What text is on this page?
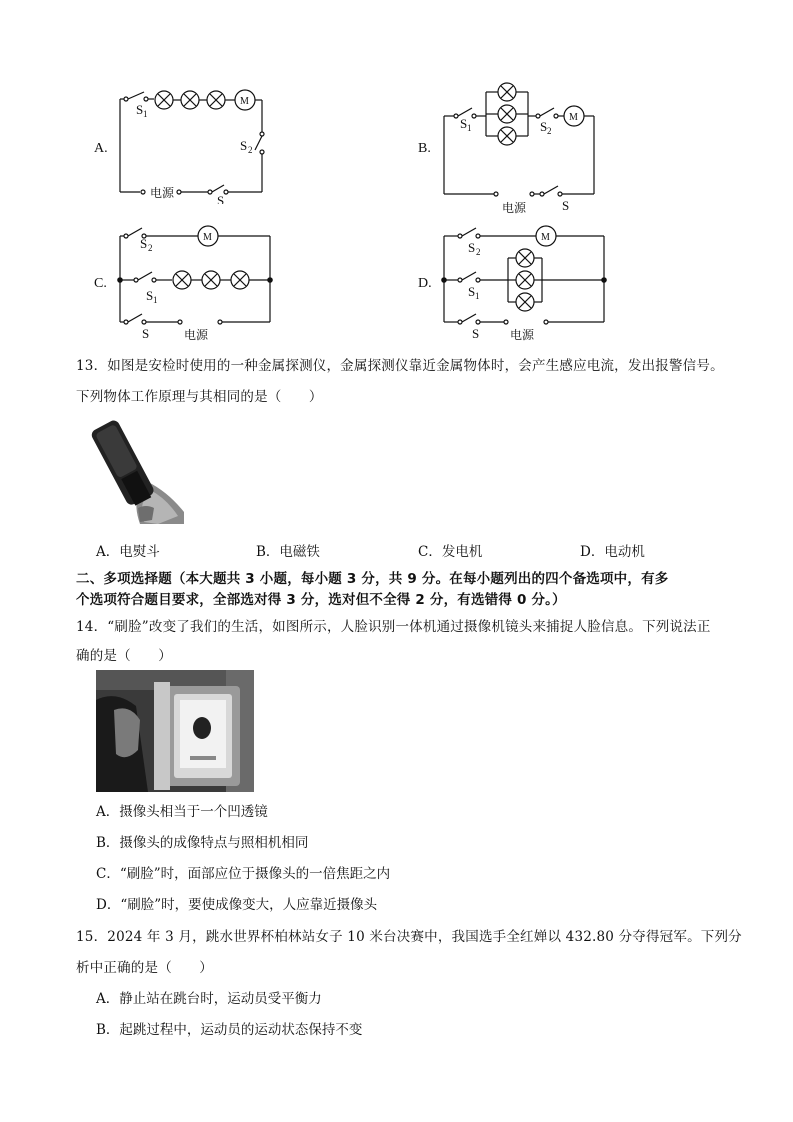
A.
S 1
S 2
电源	S
M
B.
S 1	S 2
M
电源	S
C.
S 2
M
S 1
S	电源
D.
S 2
M
S 1
S	电源
13．如图是安检时使用的一种金属探测仪，金属探测仪靠近金属物体时，会产生感应电流，发出报警信号。
下列物体工作原理与其相同的是（　　）
A．电熨斗	B．电磁铁	C．发电机	D．电动机
二、多项选择题（本大题共 3 小题，每小题 3 分，共 9 分。在每小题列出的四个备选项中，有多
个选项符合题目要求，全部选对得 3 分，选对但不全得 2 分，有选错得 0 分。）
14．“刷脸”改变了我们的生活，如图所示，人脸识别一体机通过摄像机镜头来捕捉人脸信息。下列说法正
确的是（　　）
A．摄像头相当于一个凹透镜
B．摄像头的成像特点与照相机相同
C．“刷脸”时，面部应位于摄像头的一倍焦距之内
D．“刷脸”时，要使成像变大，人应靠近摄像头
15．2024 年 3 月，跳水世界杯柏林站女子 10 米台决赛中，我国选手全红婵以 432.80 分夺得冠军。下列分
析中正确的是（　　）
A．静止站在跳台时，运动员受平衡力
B．起跳过程中，运动员的运动状态保持不变
